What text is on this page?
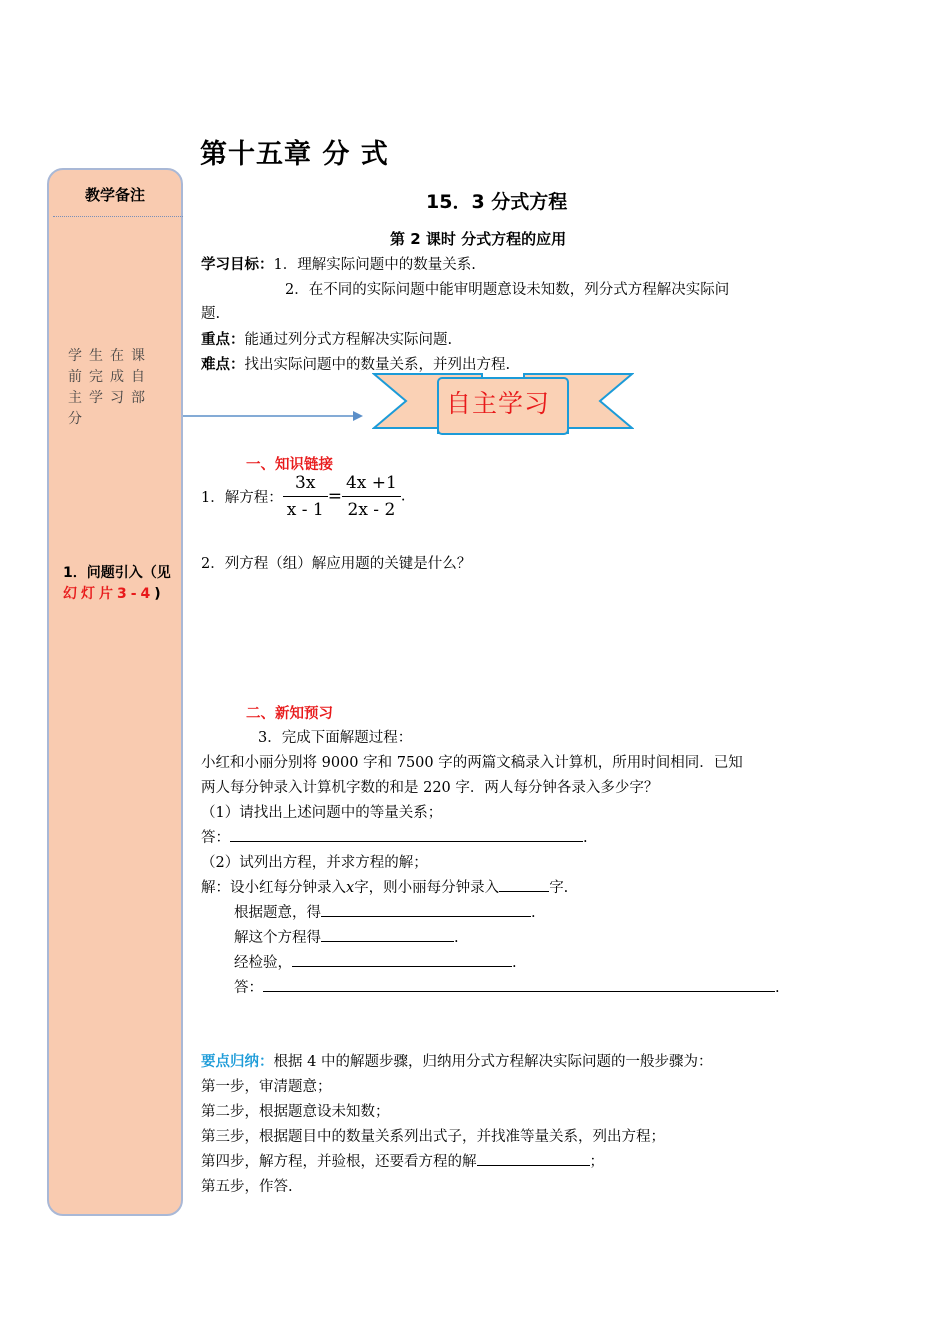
第十五章 分 式
教学备注
学生在课前完成自主学习部分
1．问题引入（见幻灯片3-4)
15．3 分式方程
第 2 课时 分式方程的应用
学习目标：1．理解实际问题中的数量关系.
2．在不同的实际问题中能审明题意设未知数，列分式方程解决实际问
题.
重点：能通过列分式方程解决实际问题.
难点：找出实际问题中的数量关系，并列出方程.
自主学习
一、知识链接
1．解方程： $\frac{3x}{x - 1} = \frac{4x +1}{2x - 2}$ .
2．列方程（组）解应用题的关键是什么？
二、新知预习
3．完成下面解题过程：
小红和小丽分别将 9000 字和 7500 字的两篇文稿录入计算机，所用时间相同．已知
两人每分钟录入计算机字数的和是 220 字．两人每分钟各录入多少字？
（1）请找出上述问题中的等量关系；
答：	.
（2）试列出方程，并求方程的解；
解：设小红每分钟录入x字，则小丽每分钟录入	字.
根据题意，得	.
解这个方程得	.
经检验，	.
答：	.
要点归纳：根据 4 中的解题步骤，归纳用分式方程解决实际问题的一般步骤为：
第一步，审清题意；
第二步，根据题意设未知数；
第三步，根据题目中的数量关系列出式子，并找准等量关系，列出方程；
第四步，解方程，并验根，还要看方程的解	；
第五步，作答.
